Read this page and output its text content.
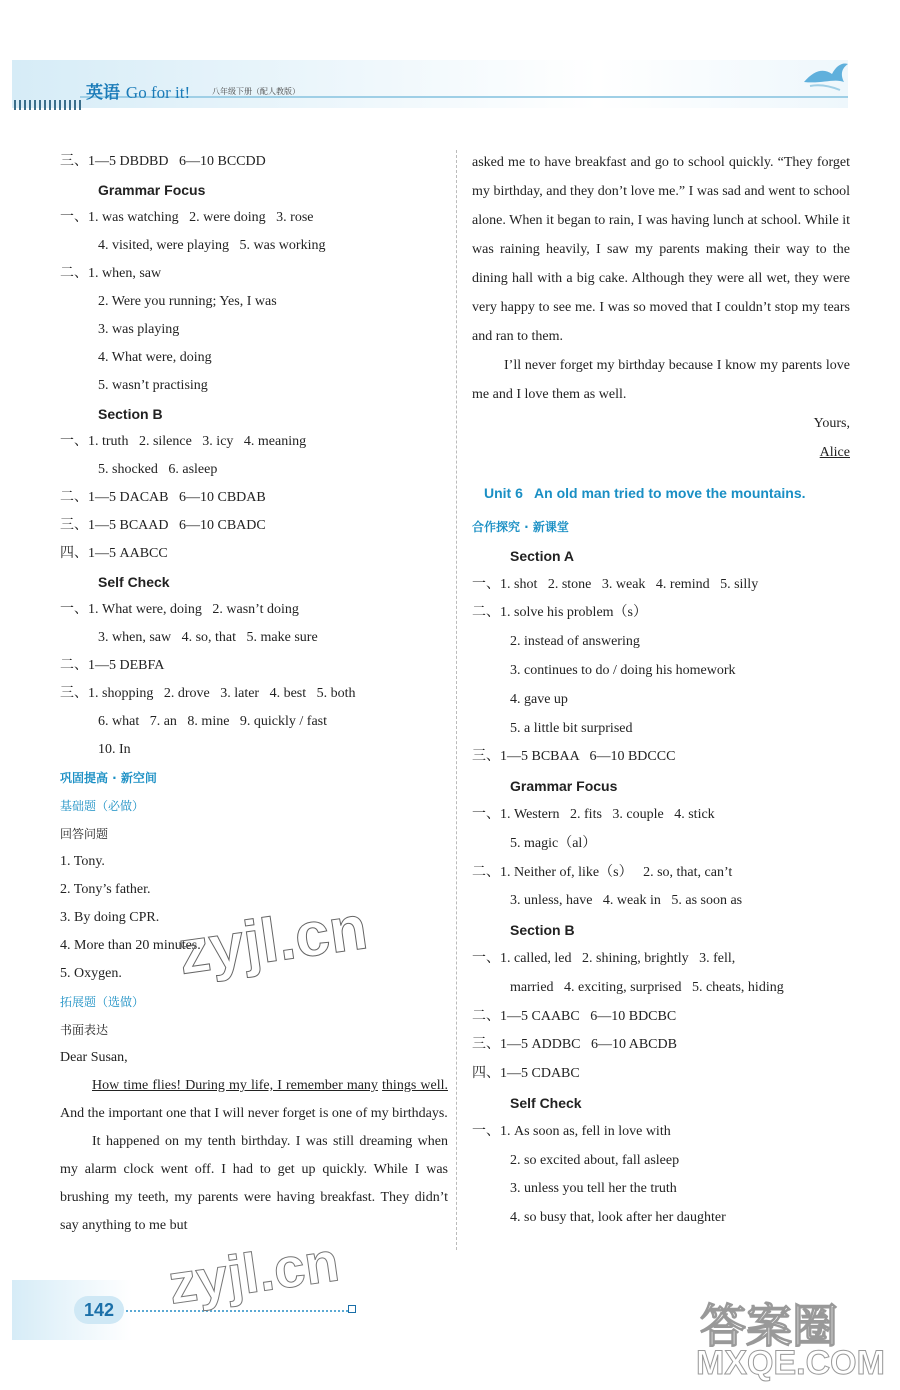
英语 Go for it!	八年级下册（配人教版）
三、1—5 DBDBD   6—10 BCCDD
Grammar Focus
一、1. was watching   2. were doing   3. rose
4. visited, were playing   5. was working
二、1. when, saw
2. Were you running; Yes, I was
3. was playing
4. What were, doing
5. wasn’t practising
Section B
一、1. truth   2. silence   3. icy   4. meaning
5. shocked   6. asleep
二、1—5 DACAB   6—10 CBDAB
三、1—5 BCAAD   6—10 CBADC
四、1—5 AABCC
Self Check
一、1. What were, doing   2. wasn’t doing
3. when, saw   4. so, that   5. make sure
二、1—5 DEBFA
三、1. shopping   2. drove   3. later   4. best   5. both
6. what   7. an   8. mine   9. quickly / fast
10. In
巩固提高 · 新空间
基础题（必做）
回答问题
1. Tony.
2. Tony’s father.
3. By doing CPR.
4. More than 20 minutes.
5. Oxygen.
拓展题（选做）
书面表达
Dear Susan,
How time flies! During my life, I remember many things well. And the important one that I will never forget is one of my birthdays.
It happened on my tenth birthday. I was still dreaming when my alarm clock went off. I had to get up quickly. While I was brushing my teeth, my parents were having breakfast. They didn’t say anything to me but
asked me to have breakfast and go to school quickly. “They forget my birthday, and they don’t love me.” I was sad and went to school alone. When it began to rain, I was having lunch at school. While it was raining heavily, I saw my parents making their way to the dining hall with a big cake. Although they were all wet, they were very happy to see me. I was so moved that I couldn’t stop my tears and ran to them.
I’ll never forget my birthday because I know my parents love me and I love them as well.
Yours,
Alice
Unit 6   An old man tried to move the mountains.
合作探究 · 新课堂
Section A
一、1. shot   2. stone   3. weak   4. remind   5. silly
二、1. solve his problem（s）
2. instead of answering
3. continues to do / doing his homework
4. gave up
5. a little bit surprised
三、1—5 BCBAA   6—10 BDCCC
Grammar Focus
一、1. Western   2. fits   3. couple   4. stick
5. magic（al）
二、1. Neither of, like（s）   2. so, that, can’t
3. unless, have   4. weak in   5. as soon as
Section B
一、1. called, led   2. shining, brightly   3. fell,
married   4. exciting, surprised   5. cheats, hiding
二、1—5 CAABC   6—10 BDCBC
三、1—5 ADDBC   6—10 ABCDB
四、1—5 CDABC
Self Check
一、1. As soon as, fell in love with
2. so excited about, fall asleep
3. unless you tell her the truth
4. so busy that, look after her daughter
142
zyjl.cn
zyjl.cn
答案圈
MXQE.COM
